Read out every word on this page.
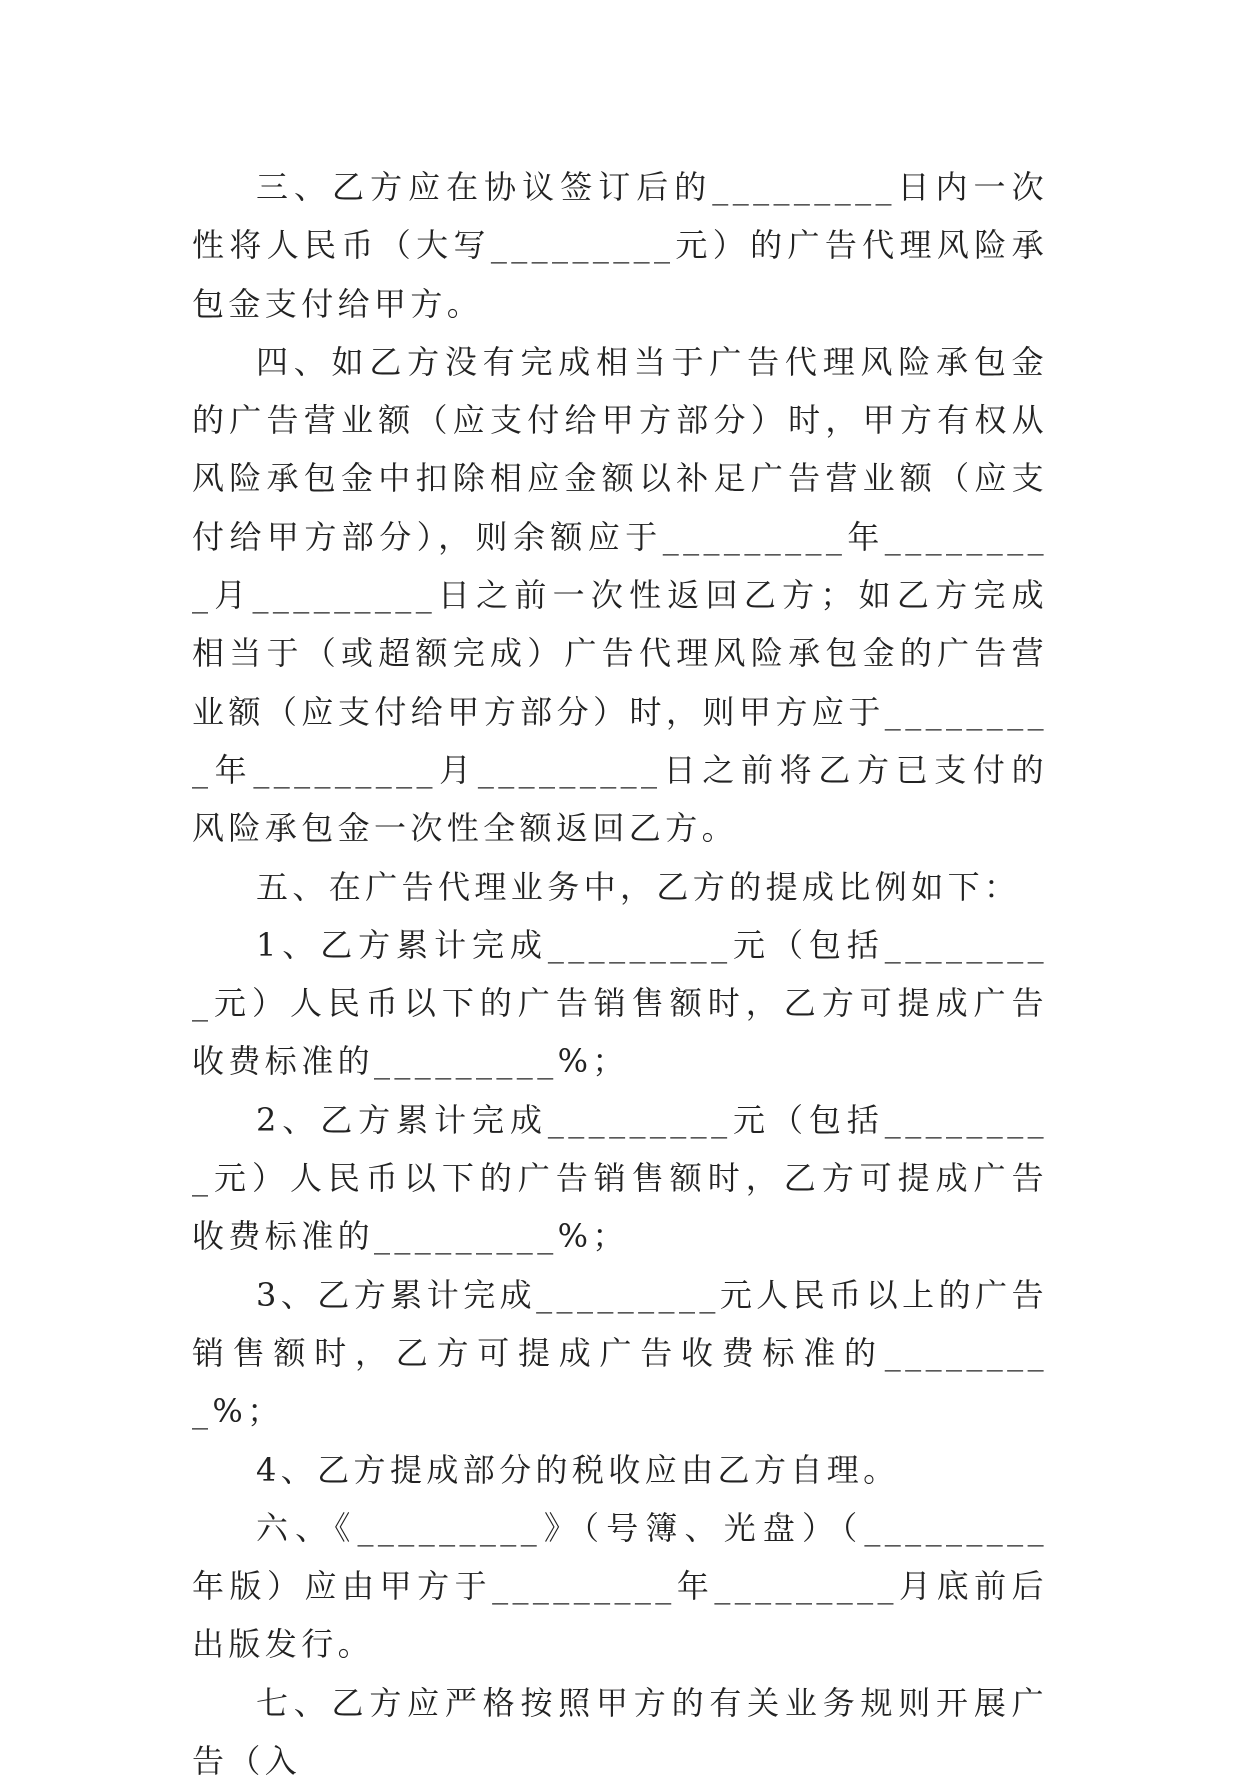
三、乙方应在协议签订后的_________日内一次性将人民币（大写_________元）的广告代理风险承包金支付给甲方。

四、如乙方没有完成相当于广告代理风险承包金的广告营业额（应支付给甲方部分）时，甲方有权从风险承包金中扣除相应金额以补足广告营业额（应支付给甲方部分），则余额应于_________年_________月_________日之前一次性返回乙方；如乙方完成相当于（或超额完成）广告代理风险承包金的广告营业额（应支付给甲方部分）时，则甲方应于_________年_________月_________日之前将乙方已支付的风险承包金一次性全额返回乙方。

五、在广告代理业务中，乙方的提成比例如下：

1、乙方累计完成_________元（包括_________元）人民币以下的广告销售额时，乙方可提成广告收费标准的_________%；

2、乙方累计完成_________元（包括_________元）人民币以下的广告销售额时，乙方可提成广告收费标准的_________%；

3、乙方累计完成_________元人民币以上的广告销售额时，乙方可提成广告收费标准的_________%；

4、乙方提成部分的税收应由乙方自理。

六、《_________》（号簿、光盘）（_________年版）应由甲方于_________年_________月底前后出版发行。

七、乙方应严格按照甲方的有关业务规则开展广告（入
